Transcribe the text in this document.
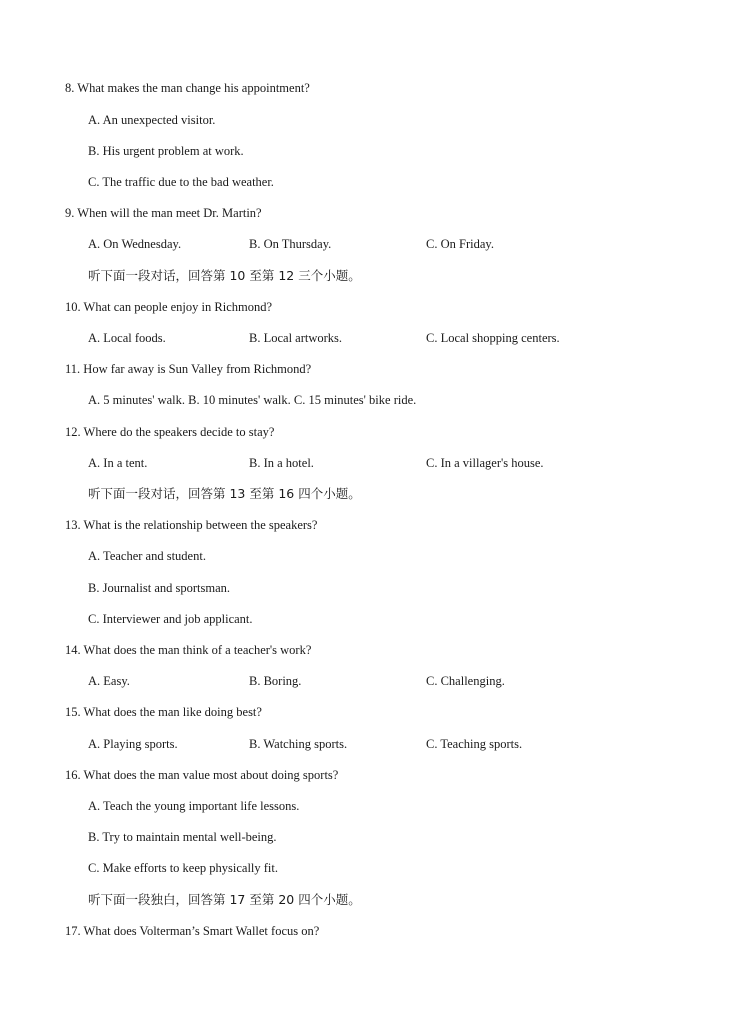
8. What makes the man change his appointment?
A. An unexpected visitor.
B. His urgent problem at work.
C. The traffic due to the bad weather.
9. When will the man meet Dr. Martin?
A. On Wednesday.	B. On Thursday.	C. On Friday.
听下面一段对话，回答第 10 至第 12 三个小题。
10. What can people enjoy in Richmond?
A. Local foods.	B. Local artworks.	C. Local shopping centers.
11. How far away is Sun Valley from Richmond?
A. 5 minutes' walk. B. 10 minutes' walk. C. 15 minutes' bike ride.
12. Where do the speakers decide to stay?
A. In a tent.	B. In a hotel.	C. In a villager's house.
听下面一段对话，回答第 13 至第 16 四个小题。
13. What is the relationship between the speakers?
A. Teacher and student.
B. Journalist and sportsman.
C. Interviewer and job applicant.
14. What does the man think of a teacher's work?
A. Easy.	B. Boring.	C. Challenging.
15. What does the man like doing best?
A. Playing sports.	B. Watching sports.	C. Teaching sports.
16. What does the man value most about doing sports?
A. Teach the young important life lessons.
B. Try to maintain mental well-being.
C. Make efforts to keep physically fit.
听下面一段独白，回答第 17 至第 20 四个小题。
17. What does Volterman’s Smart Wallet focus on?
